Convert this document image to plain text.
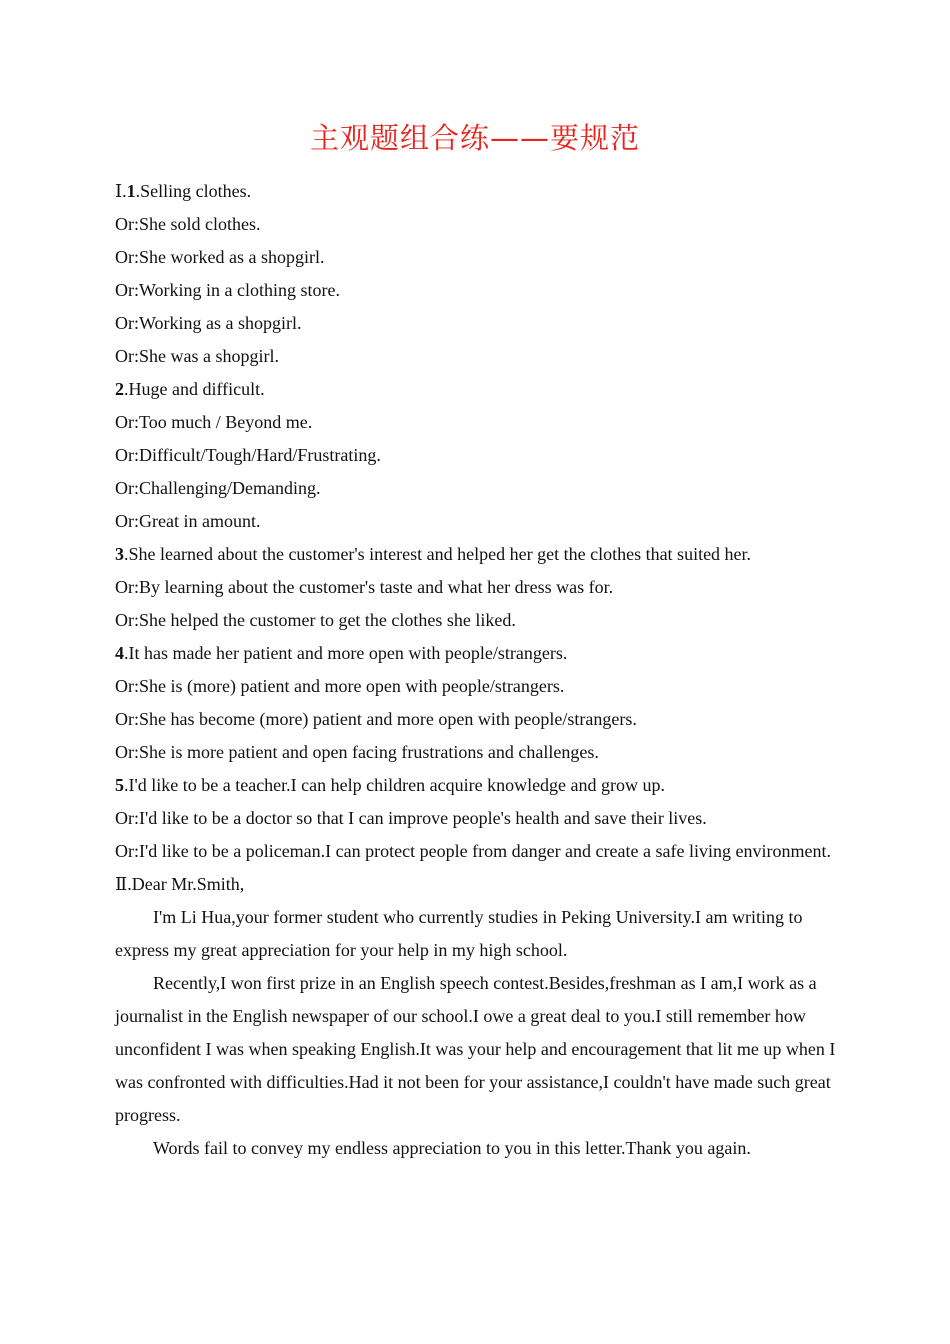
主观题组合练——要规范
Ⅰ.1.Selling clothes.
Or:She sold clothes.
Or:She worked as a shopgirl.
Or:Working in a clothing store.
Or:Working as a shopgirl.
Or:She was a shopgirl.
2.Huge and difficult.
Or:Too much / Beyond me.
Or:Difficult/Tough/Hard/Frustrating.
Or:Challenging/Demanding.
Or:Great in amount.
3.She learned about the customer's interest and helped her get the clothes that suited her.
Or:By learning about the customer's taste and what her dress was for.
Or:She helped the customer to get the clothes she liked.
4.It has made her patient and more open with people/strangers.
Or:She is (more) patient and more open with people/strangers.
Or:She has become (more) patient and more open with people/strangers.
Or:She is more patient and open facing frustrations and challenges.
5.I'd like to be a teacher.I can help children acquire knowledge and grow up.
Or:I'd like to be a doctor so that I can improve people's health and save their lives.
Or:I'd like to be a policeman.I can protect people from danger and create a safe living environment.
Ⅱ.Dear Mr.Smith,
I'm Li Hua,your former student who currently studies in Peking University.I am writing to express my great appreciation for your help in my high school.
Recently,I won first prize in an English speech contest.Besides,freshman as I am,I work as a journalist in the English newspaper of our school.I owe a great deal to you.I still remember how unconfident I was when speaking English.It was your help and encouragement that lit me up when I was confronted with difficulties.Had it not been for your assistance,I couldn't have made such great progress.
Words fail to convey my endless appreciation to you in this letter.Thank you again.
